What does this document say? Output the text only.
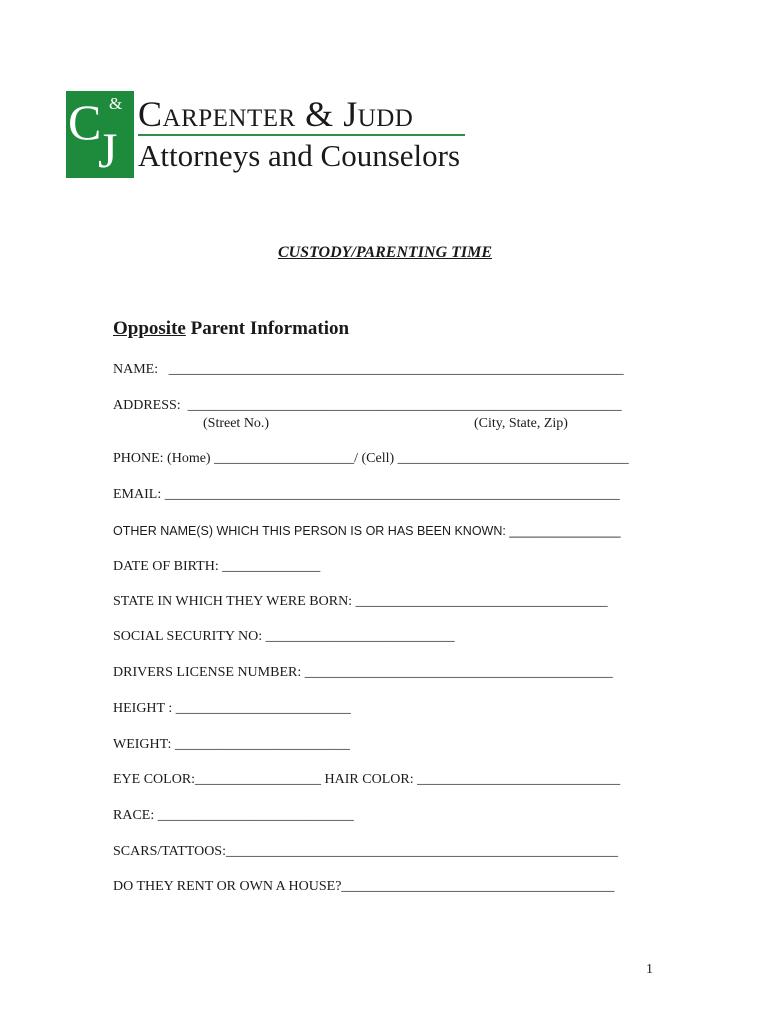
C &
J
Carpenter & Judd
Attorneys and Counselors
CUSTODY/PARENTING TIME
Opposite Parent Information
NAME:   _________________________________________________________________
ADDRESS:  ______________________________________________________________
(Street No.)	(City, State, Zip)
PHONE: (Home) ____________________/ (Cell) _________________________________
EMAIL: _________________________________________________________________
OTHER NAME(S) WHICH THIS PERSON IS OR HAS BEEN KNOWN: ________________
DATE OF BIRTH: ______________
STATE IN WHICH THEY WERE BORN: ____________________________________
SOCIAL SECURITY NO: ___________________________
DRIVERS LICENSE NUMBER: ____________________________________________
HEIGHT : _________________________
WEIGHT: _________________________
EYE COLOR:__________________ HAIR COLOR: _____________________________
RACE: ____________________________
SCARS/TATTOOS:________________________________________________________
DO THEY RENT OR OWN A HOUSE?_______________________________________
1
